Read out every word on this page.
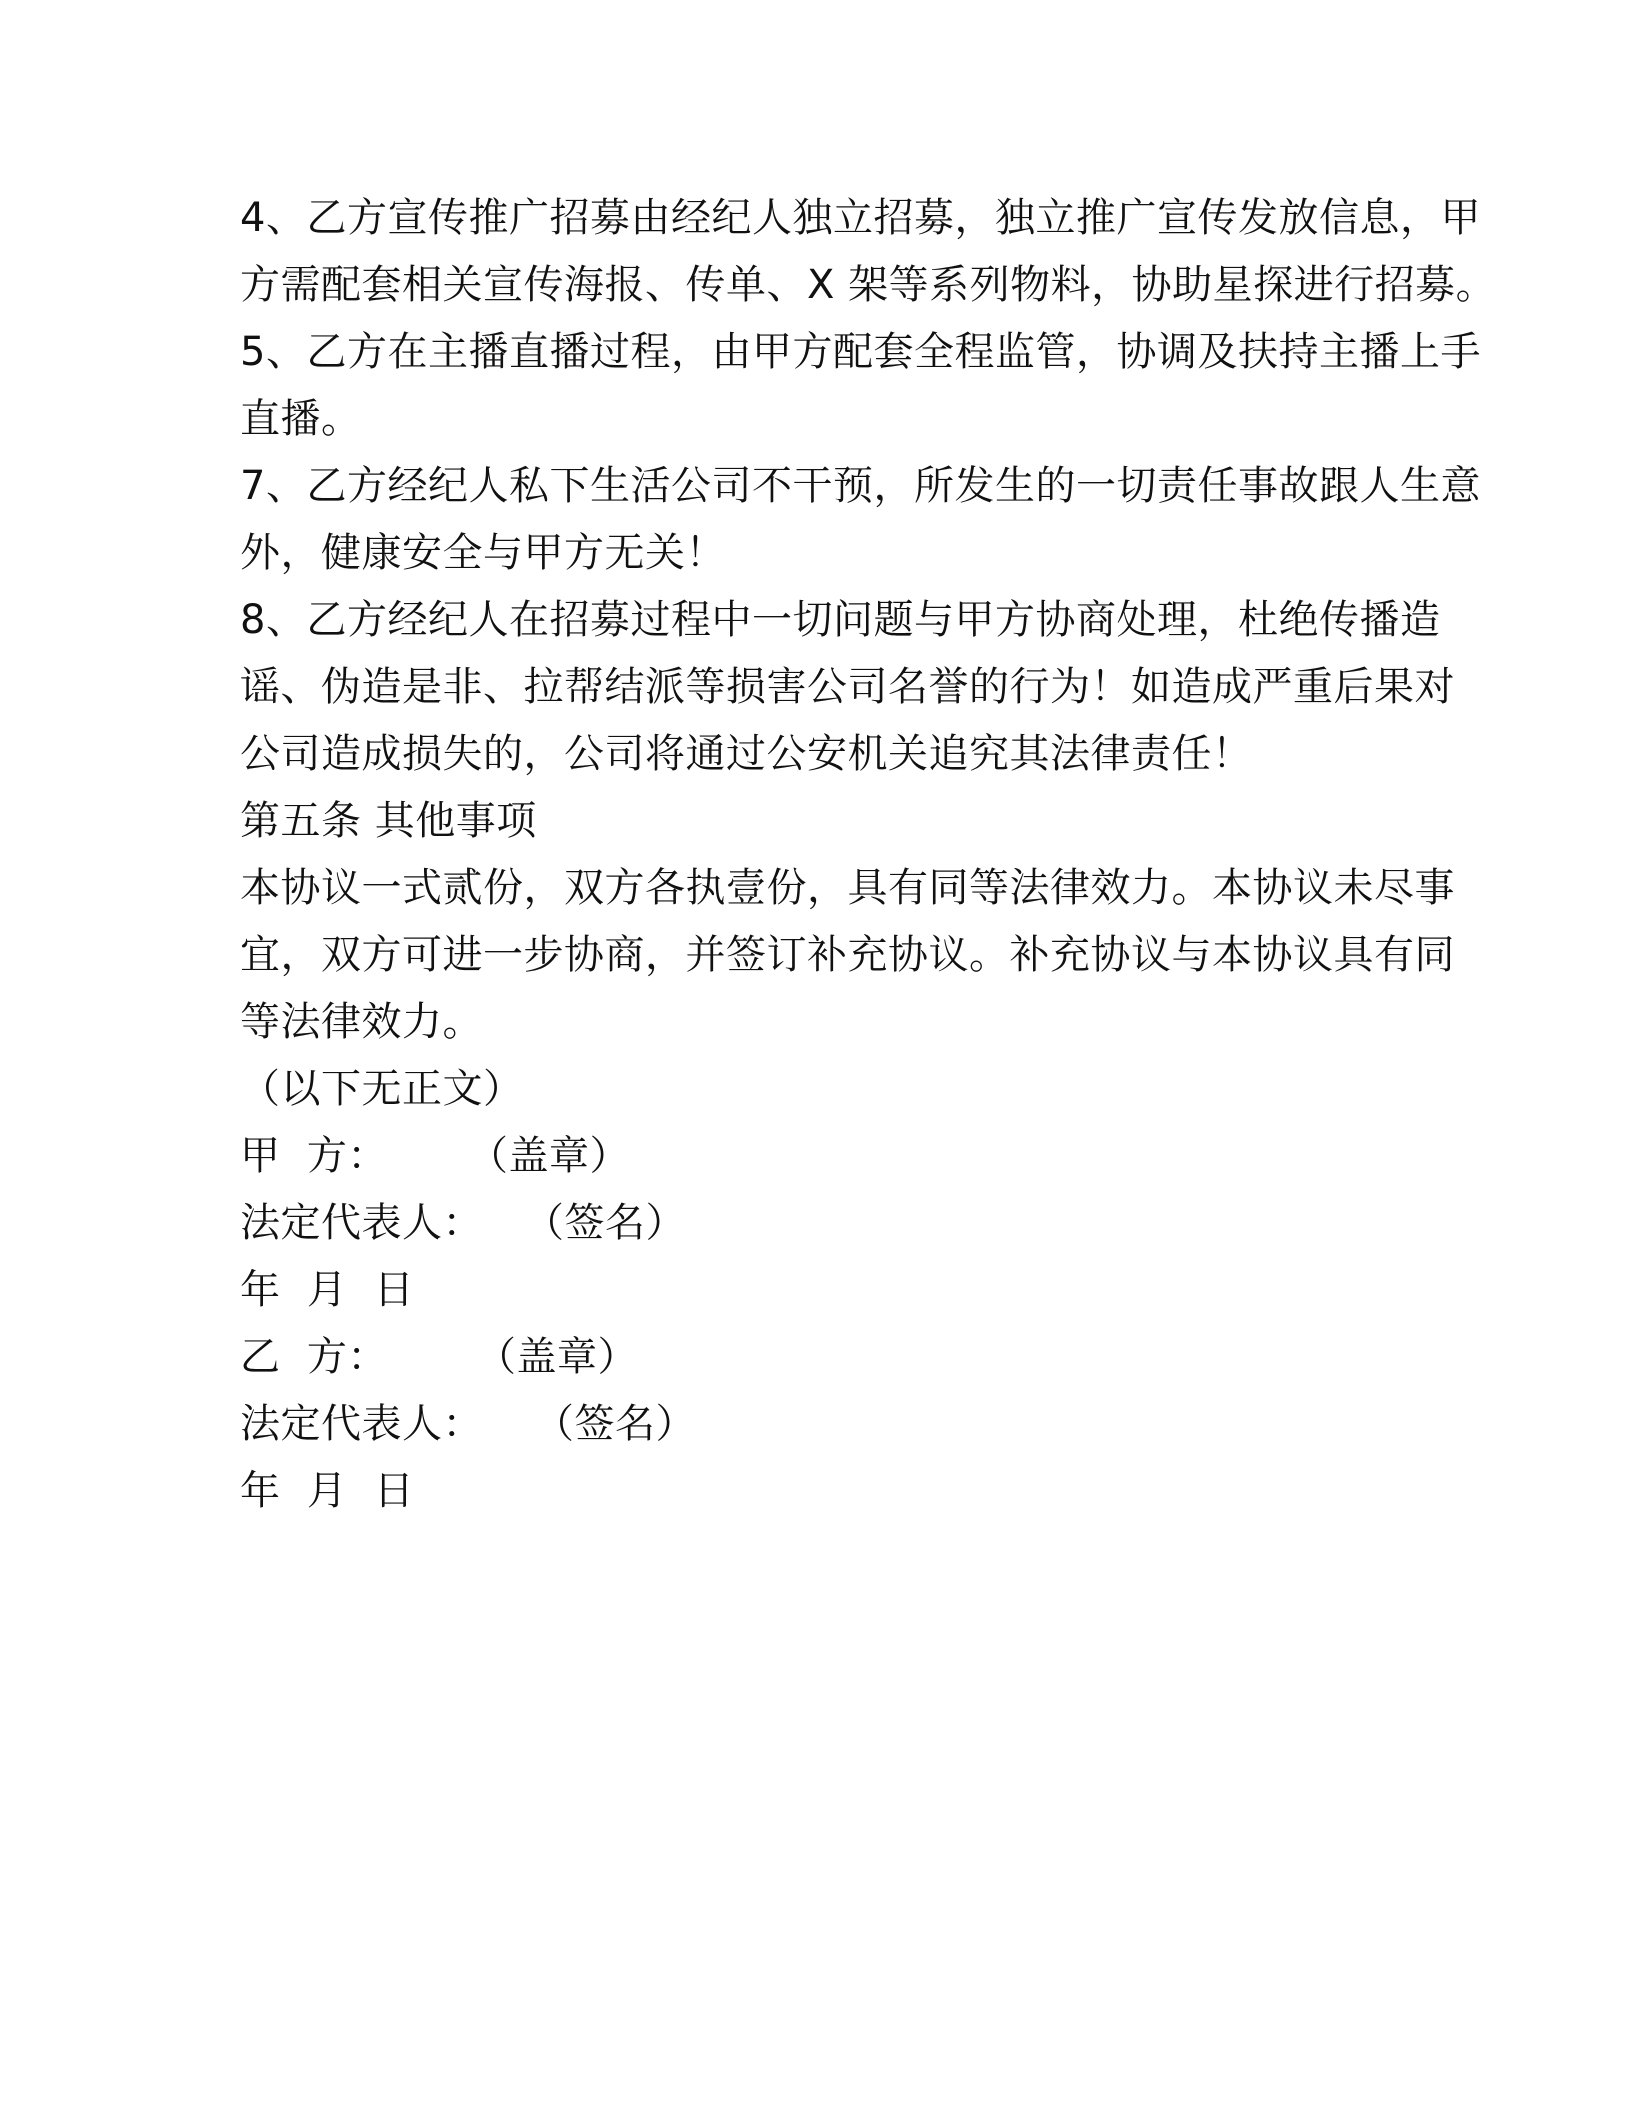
4、乙方宣传推广招募由经纪人独立招募，独立推广宣传发放信息，甲
方需配套相关宣传海报、传单、X 架等系列物料，协助星探进行招募。
5、乙方在主播直播过程，由甲方配套全程监管，协调及扶持主播上手
直播。
7、乙方经纪人私下生活公司不干预，所发生的一切责任事故跟人生意
外，健康安全与甲方无关！
8、乙方经纪人在招募过程中一切问题与甲方协商处理，杜绝传播造
谣、伪造是非、拉帮结派等损害公司名誉的行为！如造成严重后果对
公司造成损失的，公司将通过公安机关追究其法律责任！
第五条 其他事项
本协议一式贰份，双方各执壹份，具有同等法律效力。本协议未尽事
宜，双方可进一步协商，并签订补充协议。补充协议与本协议具有同
等法律效力。
（以下无正文）
甲  方： （盖章）
法定代表人： （签名）
年  月  日
乙  方： （盖章）
法定代表人： （签名）
年  月  日
